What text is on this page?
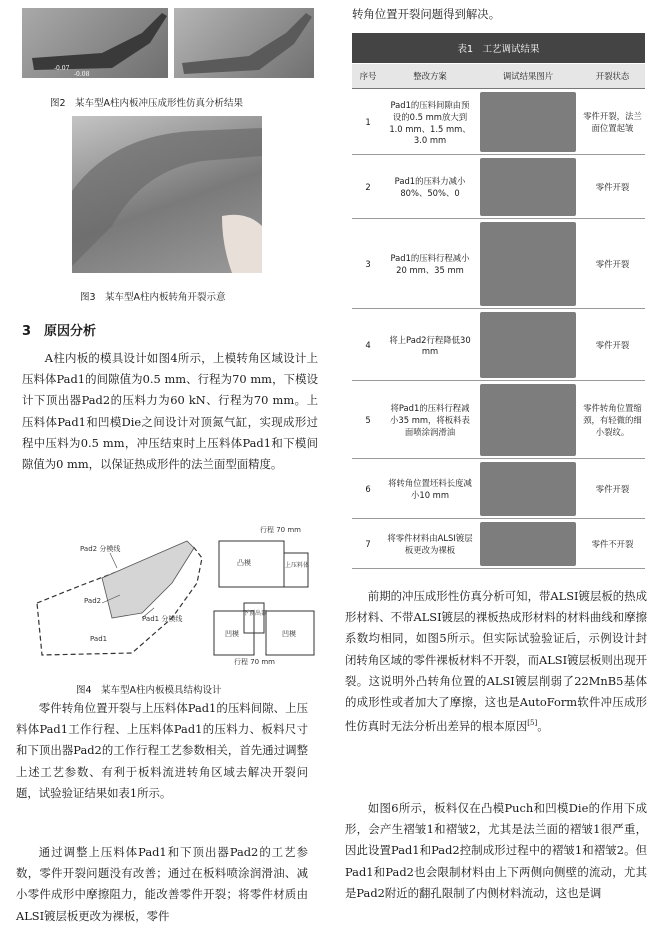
-0.07
-0.08
图2　某车型A柱内板冲压成形性仿真分析结果
图3　某车型A柱内板转角开裂示意
3　原因分析
A柱内板的模具设计如图4所示，上模转角区域设计上压料体Pad1的间隙值为0.5 mm、行程为70 mm，下模设计下顶出器Pad2的压料力为60 kN、行程为70 mm。上压料体Pad1和凹模Die之间设计对顶氮气缸，实现成形过程中压料为0.5 mm，冲压结束时上压料体Pad1和下模间隙值为0 mm，以保证热成形件的法兰面型面精度。
Pad2 分模线
Pad2
Pad1 分模线
Pad1
行程 70 mm
凸模	上压料体
凹模
下顶出器
凹模
行程 70 mm
图4　某车型A柱内板模具结构设计
零件转角位置开裂与上压料体Pad1的压料间隙、上压料体Pad1工作行程、上压料体Pad1的压料力、板料尺寸和下顶出器Pad2的工作行程工艺参数相关，首先通过调整上述工艺参数、有利于板料流进转角区域去解决开裂问题，试验验证结果如表1所示。
通过调整上压料体Pad1和下顶出器Pad2的工艺参数，零件开裂问题没有改善；通过在板料喷涂润滑油、减小零件成形中摩擦阻力，能改善零件开裂；将零件材质由ALSI镀层板更改为裸板，零件
转角位置开裂问题得到解决。
表1　工艺调试结果
序号	整改方案	调试结果图片	开裂状态
1	Pad1的压料间隙由预设的0.5 mm放大到1.0 mm、1.5 mm、3.0 mm		零件开裂，法兰面位置起皱
2	Pad1的压料力减小80%、50%、0		零件开裂
3	Pad1的压料行程减小20 mm、35 mm		零件开裂
4	将上Pad2行程降低30 mm		零件开裂
5	将Pad1的压料行程减小35 mm，将板料表面喷涂润滑油		零件转角位置缩颈，有轻微的细小裂纹。
6	将转角位置坯料长度减小10 mm		零件开裂
7	将零件材料由ALSI镀层板更改为裸板		零件不开裂
前期的冲压成形性仿真分析可知，带ALSI镀层板的热成形材料、不带ALSI镀层的裸板热成形材料的材料曲线和摩擦系数均相同，如图5所示。但实际试验验证后，示例设计封闭转角区域的零件裸板材料不开裂，而ALSI镀层板则出现开裂。这说明外凸转角位置的ALSI镀层削弱了22MnB5基体的成形性或者加大了摩擦，这也是AutoForm软件冲压成形性仿真时无法分析出差异的根本原因[5]。
如图6所示，板料仅在凸模Puch和凹模Die的作用下成形，会产生褶皱1和褶皱2，尤其是法兰面的褶皱1很严重，因此设置Pad1和Pad2控制成形过程中的褶皱1和褶皱2。但Pad1和Pad2也会限制材料由上下两侧向侧壁的流动，尤其是Pad2附近的翻孔限制了内侧材料流动，这也是调
